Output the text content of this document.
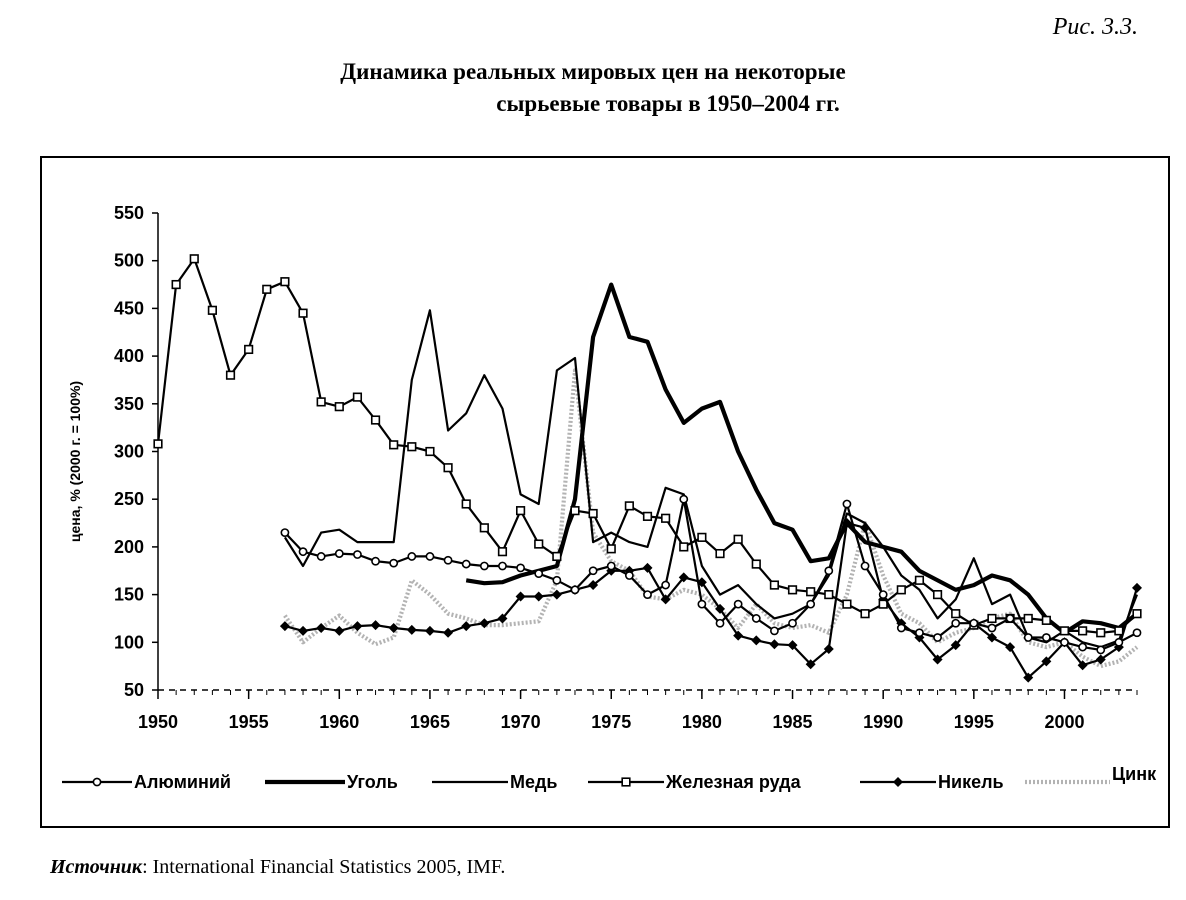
Рис. 3.3.
Динамика реальных мировых цен на некоторые
сырьевые товары в 1950–2004 гг.
50
100
150
200
250
300
350
400
450
500
550
1950	1955	1960	1965	1970	1975	1980	1985	1990	1995	2000
цена, % (2000 г. = 100%)
Алюминий	Уголь	Медь	Железная руда	Никель	Цинк
Источник: International Financial Statistics 2005, IMF.
